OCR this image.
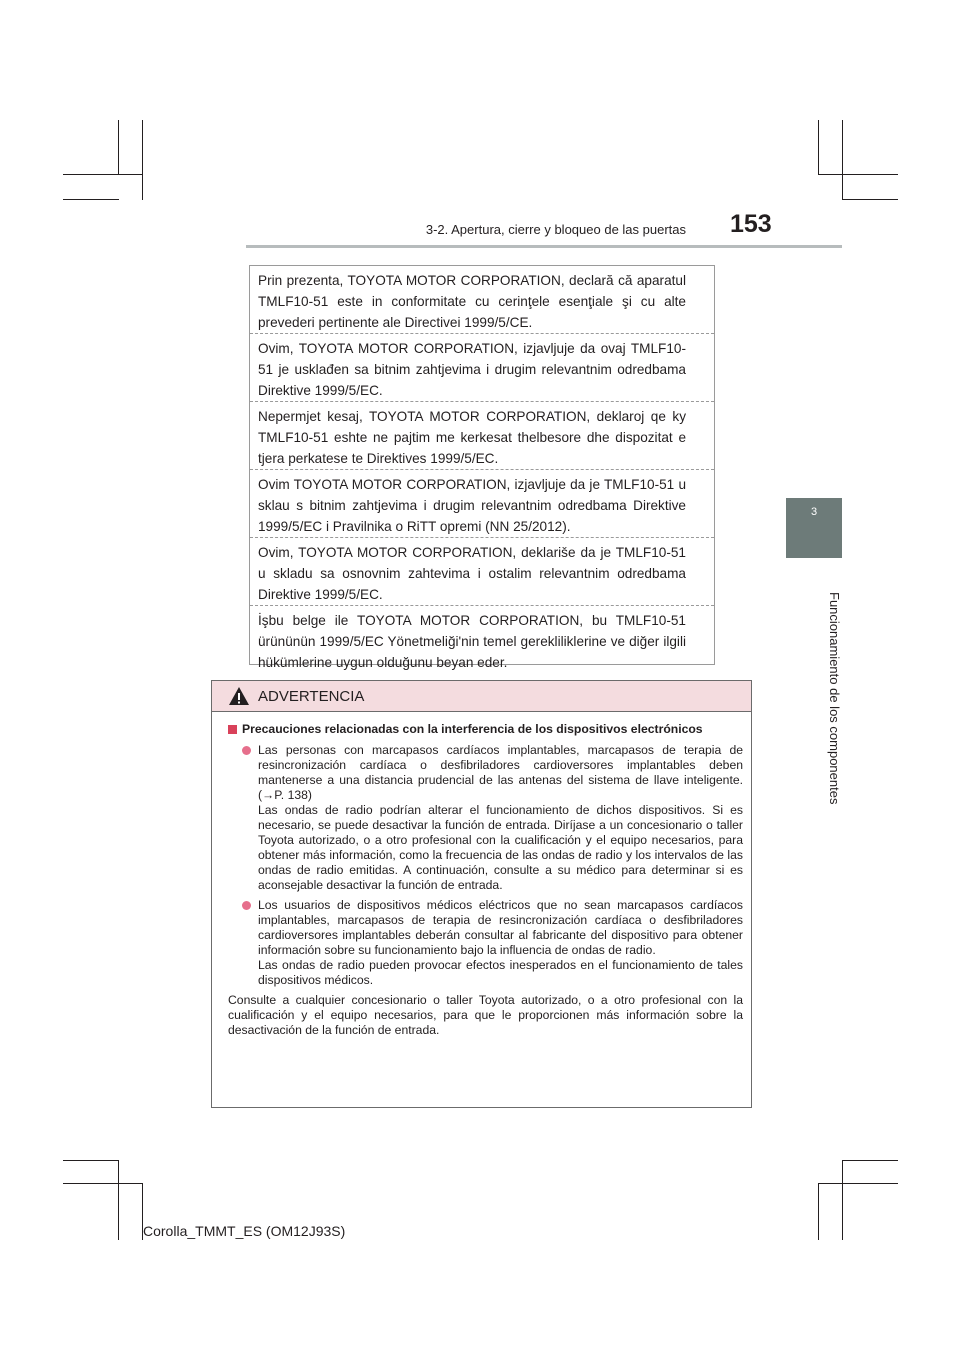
3-2. Apertura, cierre y bloqueo de las puertas 153
3
Funcionamiento de los componentes
Prin prezenta, TOYOTA MOTOR CORPORATION, declară că aparatul TMLF10-51 este in conformitate cu cerinţele esenţiale şi cu alte prevederi pertinente ale Directivei 1999/5/CE.
Ovim, TOYOTA MOTOR CORPORATION, izjavljuje da ovaj TMLF10-51 je usklađen sa bitnim zahtjevima i drugim relevantnim odredbama Direktive 1999/5/EC.
Nepermjet kesaj, TOYOTA MOTOR CORPORATION, deklaroj qe ky TMLF10-51 eshte ne pajtim me kerkesat thelbesore dhe dispozitat e tjera perkatese te Direktives 1999/5/EC.
Ovim TOYOTA MOTOR CORPORATION, izjavljuje da je TMLF10-51 u sklau s bitnim zahtjevima i drugim relevantnim odredbama Direktive 1999/5/EC i Pravilnika o RiTT opremi (NN 25/2012).
Ovim, TOYOTA MOTOR CORPORATION, deklariše da je TMLF10-51 u skladu sa osnovnim zahtevima i ostalim relevantnim odredbama Direktive 1999/5/EC.
İşbu belge ile TOYOTA MOTOR CORPORATION, bu TMLF10-51 ürününün 1999/5/EC Yönetmeliği'nin temel gerekliliklerine ve diğer ilgili hükümlerine uygun olduğunu beyan eder.
ADVERTENCIA
Precauciones relacionadas con la interferencia de los dispositivos electrónicos

Las personas con marcapasos cardíacos implantables, marcapasos de terapia de resincronización cardíaca o desfibriladores cardioversores implantables deben mantenerse a una distancia prudencial de las antenas del sistema de llave inteligente. (→P. 138)

Las ondas de radio podrían alterar el funcionamiento de dichos dispositivos. Si es necesario, se puede desactivar la función de entrada. Diríjase a un concesionario o taller Toyota autorizado, o a otro profesional con la cualificación y el equipo necesarios, para obtener más información, como la frecuencia de las ondas de radio y los intervalos de las ondas de radio emitidas. A continuación, consulte a su médico para determinar si es aconsejable desactivar la función de entrada.

Los usuarios de dispositivos médicos eléctricos que no sean marcapasos cardíacos implantables, marcapasos de terapia de resincronización cardíaca o desfibriladores cardioversores implantables deberán consultar al fabricante del dispositivo para obtener información sobre su funcionamiento bajo la influencia de ondas de radio.

Las ondas de radio pueden provocar efectos inesperados en el funcionamiento de tales dispositivos médicos.

Consulte a cualquier concesionario o taller Toyota autorizado, o a otro profesional con la cualificación y el equipo necesarios, para que le proporcionen más información sobre la desactivación de la función de entrada.

Corolla_TMMT_ES (OM12J93S)
